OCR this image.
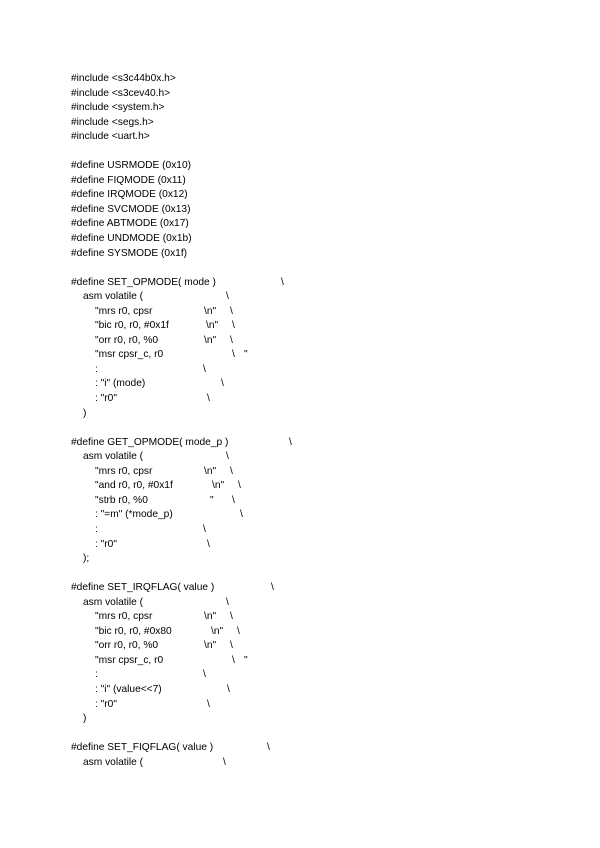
#include <s3c44b0x.h>
#include <s3cev40.h>
#include <system.h>
#include <segs.h>
#include <uart.h>
#define USRMODE (0x10)
#define FIQMODE (0x11)
#define IRQMODE (0x12)
#define SVCMODE (0x13)
#define ABTMODE (0x17)
#define UNDMODE (0x1b)
#define SYSMODE (0x1f)
#define SET_OPMODE( mode )	\
asm volatile (	\
"mrs r0, cpsr	\n" \
"bic r0, r0, #0x1f	\n" \
"orr r0, r0, %0	\n" \
"msr cpsr_c, r0	"
\
:	\
: "i" (mode)	\
: "r0"	\
)
#define GET_OPMODE( mode_p )	\
asm volatile (	\
"mrs r0, cpsr	\n" \
"and r0, r0, #0x1f	\n" \
"strb r0, %0	" \
: "=m" (*mode_p)	\
:	\
: "r0"	\
);
#define SET_IRQFLAG( value )	\
asm volatile (	\
"mrs r0, cpsr	\n" \
"bic r0, r0, #0x80	\n" \
"orr r0, r0, %0	\n" \
"msr cpsr_c, r0	"
\
:	\
: "i" (value<<7)	\
: "r0"	\
)
#define SET_FIQFLAG( value )	\
asm volatile (	\
